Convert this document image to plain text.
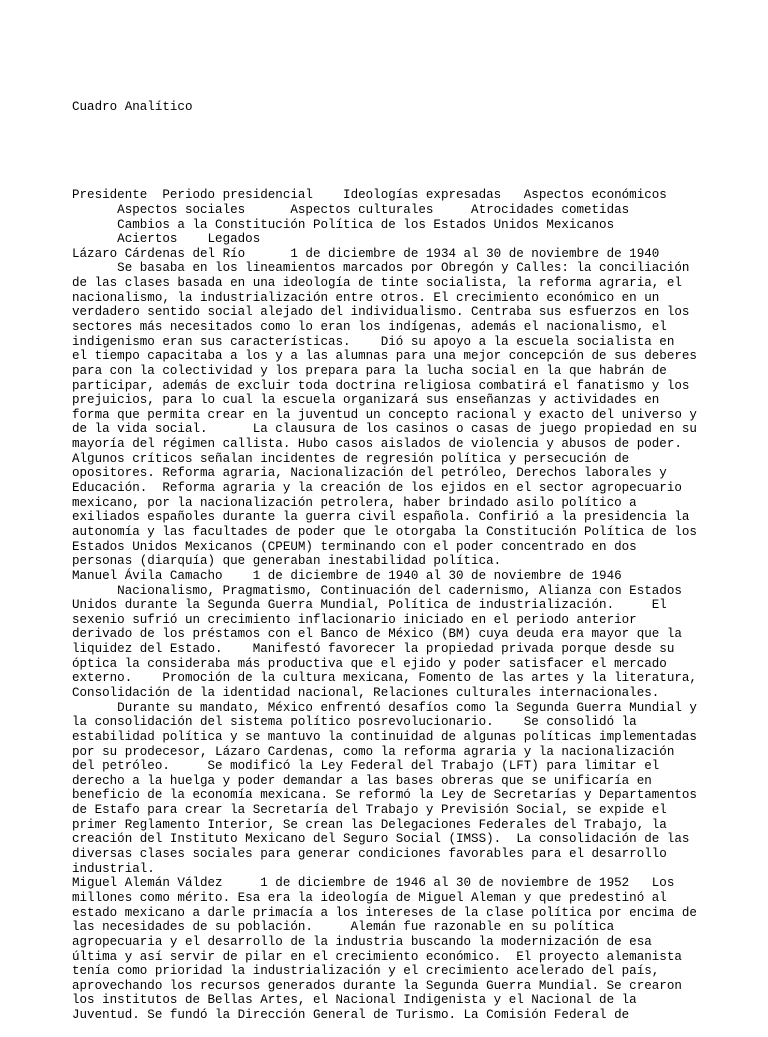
Cuadro Analítico

Presidente  Periodo presidencial    Ideologías expresadas   Aspectos económicos
Aspectos sociales      Aspectos culturales     Atrocidades cometidas
Cambios a la Constitución Política de los Estados Unidos Mexicanos
Aciertos    Legados
Lázaro Cárdenas del Río      1 de diciembre de 1934 al 30 de noviembre de 1940
Se basaba en los lineamientos marcados por Obregón y Calles: la conciliación
de las clases basada en una ideología de tinte socialista, la reforma agraria, el
nacionalismo, la industrialización entre otros. El crecimiento económico en un
verdadero sentido social alejado del individualismo. Centraba sus esfuerzos en los
sectores más necesitados como lo eran los indígenas, además el nacionalismo, el
indigenismo eran sus características.    Dió su apoyo a la escuela socialista en
el tiempo capacitaba a los y a las alumnas para una mejor concepción de sus deberes
para con la colectividad y los prepara para la lucha social en la que habrán de
participar, además de excluir toda doctrina religiosa combatirá el fanatismo y los
prejuicios, para lo cual la escuela organizará sus enseñanzas y actividades en
forma que permita crear en la juventud un concepto racional y exacto del universo y
de la vida social.      La clausura de los casinos o casas de juego propiedad en su
mayoría del régimen callista. Hubo casos aislados de violencia y abusos de poder.
Algunos críticos señalan incidentes de regresión política y persecución de
opositores. Reforma agraria, Nacionalización del petróleo, Derechos laborales y
Educación.  Reforma agraria y la creación de los ejidos en el sector agropecuario
mexicano, por la nacionalización petrolera, haber brindado asilo político a
exiliados españoles durante la guerra civil española. Confirió a la presidencia la
autonomía y las facultades de poder que le otorgaba la Constitución Política de los
Estados Unidos Mexicanos (CPEUM) terminando con el poder concentrado en dos
personas (diarquía) que generaban inestabilidad política.
Manuel Ávila Camacho    1 de diciembre de 1940 al 30 de noviembre de 1946
Nacionalismo, Pragmatismo, Continuación del cadernismo, Alianza con Estados
Unidos durante la Segunda Guerra Mundial, Política de industrialización.     El
sexenio sufrió un crecimiento inflacionario iniciado en el periodo anterior
derivado de los préstamos con el Banco de México (BM) cuya deuda era mayor que la
liquidez del Estado.    Manifestó favorecer la propiedad privada porque desde su
óptica la consideraba más productiva que el ejido y poder satisfacer el mercado
externo.    Promoción de la cultura mexicana, Fomento de las artes y la literatura,
Consolidación de la identidad nacional, Relaciones culturales internacionales.
Durante su mandato, México enfrentó desafíos como la Segunda Guerra Mundial y
la consolidación del sistema político posrevolucionario.    Se consolidó la
estabilidad política y se mantuvo la continuidad de algunas políticas implementadas
por su prodecesor, Lázaro Cardenas, como la reforma agraria y la nacionalización
del petróleo.     Se modificó la Ley Federal del Trabajo (LFT) para limitar el
derecho a la huelga y poder demandar a las bases obreras que se unificaría en
beneficio de la economía mexicana. Se reformó la Ley de Secretarías y Departamentos
de Estafo para crear la Secretaría del Trabajo y Previsión Social, se expide el
primer Reglamento Interior, Se crean las Delegaciones Federales del Trabajo, la
creación del Instituto Mexicano del Seguro Social (IMSS).  La consolidación de las
diversas clases sociales para generar condiciones favorables para el desarrollo
industrial.
Miguel Alemán Váldez     1 de diciembre de 1946 al 30 de noviembre de 1952   Los
millones como mérito. Esa era la ideología de Miguel Aleman y que predestinó al
estado mexicano a darle primacía a los intereses de la clase política por encima de
las necesidades de su población.     Alemán fue razonable en su política
agropecuaria y el desarrollo de la industria buscando la modernización de esa
última y así servir de pilar en el crecimiento económico.  El proyecto alemanista
tenía como prioridad la industrialización y el crecimiento acelerado del país,
aprovechando los recursos generados durante la Segunda Guerra Mundial. Se crearon
los institutos de Bellas Artes, el Nacional Indigenista y el Nacional de la
Juventud. Se fundó la Dirección General de Turismo. La Comisión Federal de
